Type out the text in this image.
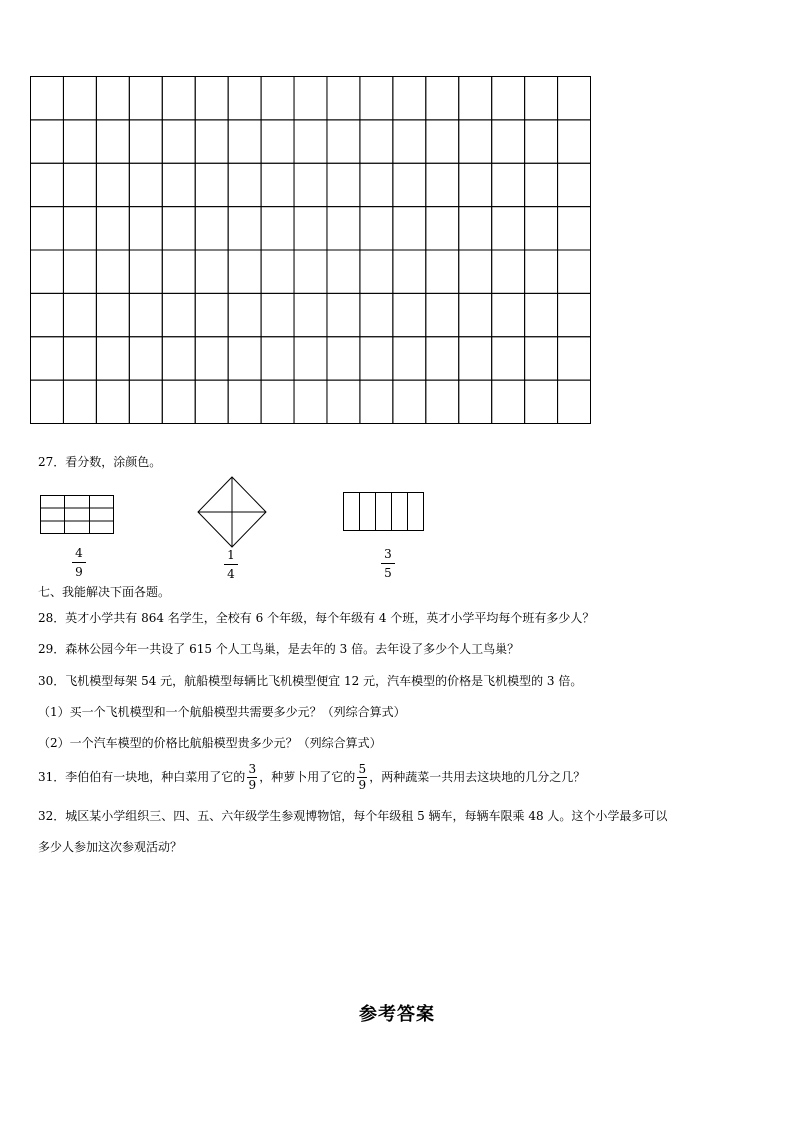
27．看分数，涂颜色。
4
9
1
4
3
5
七、我能解决下面各题。
28．英才小学共有 864 名学生，全校有 6 个年级，每个年级有 4 个班，英才小学平均每个班有多少人？
29．森林公园今年一共设了 615 个人工鸟巢，是去年的 3 倍。去年设了多少个人工鸟巢？
30．飞机模型每架 54 元，航船模型每辆比飞机模型便宜 12 元，汽车模型的价格是飞机模型的 3 倍。
（1）买一个飞机模型和一个航船模型共需要多少元？（列综合算式）
（2）一个汽车模型的价格比航船模型贵多少元？（列综合算式）
31．李伯伯有一块地，种白菜用了它的 $\frac{3}{9}$ ，种萝卜用了它的 $\frac{5}{9}$ ，两种蔬菜一共用去这块地的几分之几？
32．城区某小学组织三、四、五、六年级学生参观博物馆，每个年级租 5 辆车，每辆车限乘 48 人。这个小学最多可以
多少人参加这次参观活动？
参考答案
